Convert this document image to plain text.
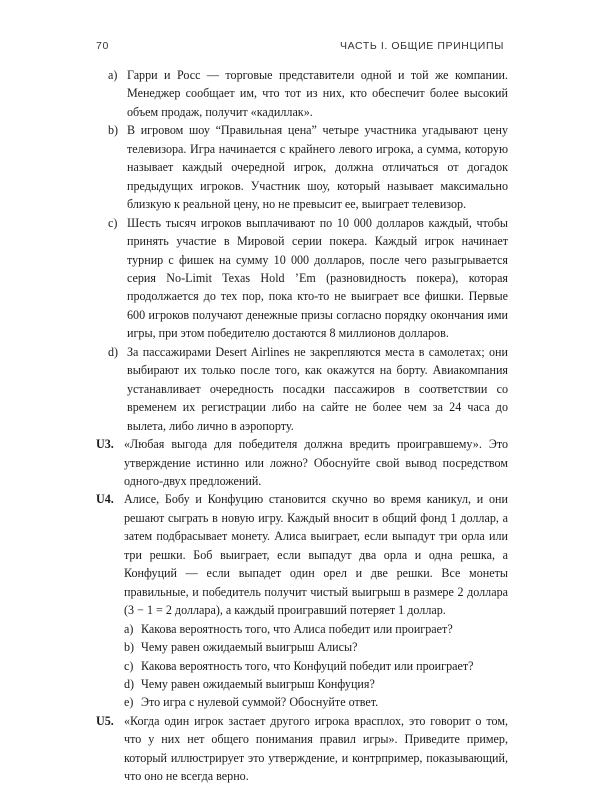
70	ЧАСТЬ I. ОБЩИЕ ПРИНЦИПЫ
a) Гарри и Росс — торговые представители одной и той же компании. Менеджер сообщает им, что тот из них, кто обеспечит более высокий объем продаж, получит «кадиллак».
b) В игровом шоу “Правильная цена” четыре участника угадывают цену телевизора. Игра начинается с крайнего левого игрока, а сумма, которую называет каждый очередной игрок, должна отличаться от догадок предыдущих игроков. Участник шоу, который называет максимально близкую к реальной цену, но не превысит ее, выиграет телевизор.
c) Шесть тысяч игроков выплачивают по 10 000 долларов каждый, чтобы принять участие в Мировой серии покера. Каждый игрок начинает турнир с фишек на сумму 10 000 долларов, после чего разыгрывается серия No-Limit Texas Hold ’Em (разновидность покера), которая продолжается до тех пор, пока кто-то не выиграет все фишки. Первые 600 игроков получают денежные призы согласно порядку окончания ими игры, при этом победителю достаются 8 миллионов долларов.
d) За пассажирами Desert Airlines не закрепляются места в самолетах; они выбирают их только после того, как окажутся на борту. Авиакомпания устанавливает очередность посадки пассажиров в соответствии со временем их регистрации либо на сайте не более чем за 24 часа до вылета, либо лично в аэропорту.
U3. «Любая выгода для победителя должна вредить проигравшему». Это утверждение истинно или ложно? Обоснуйте свой вывод посредством одного-двух предложений.
U4. Алисе, Бобу и Конфуцию становится скучно во время каникул, и они решают сыграть в новую игру. Каждый вносит в общий фонд 1 доллар, а затем подбрасывает монету. Алиса выиграет, если выпадут три орла или три решки. Боб выиграет, если выпадут два орла и одна решка, а Конфуций — если выпадет один орел и две решки. Все монеты правильные, и победитель получит чистый выигрыш в размере 2 доллара (3 − 1 = 2 доллара), а каждый проигравший потеряет 1 доллар.
a) Какова вероятность того, что Алиса победит или проиграет?
b) Чему равен ожидаемый выигрыш Алисы?
c) Какова вероятность того, что Конфуций победит или проиграет?
d) Чему равен ожидаемый выигрыш Конфуция?
e) Это игра с нулевой суммой? Обоснуйте ответ.
U5. «Когда один игрок застает другого игрока врасплох, это говорит о том, что у них нет общего понимания правил игры». Приведите пример, который иллюстрирует это утверждение, и контрпример, показывающий, что оно не всегда верно.
